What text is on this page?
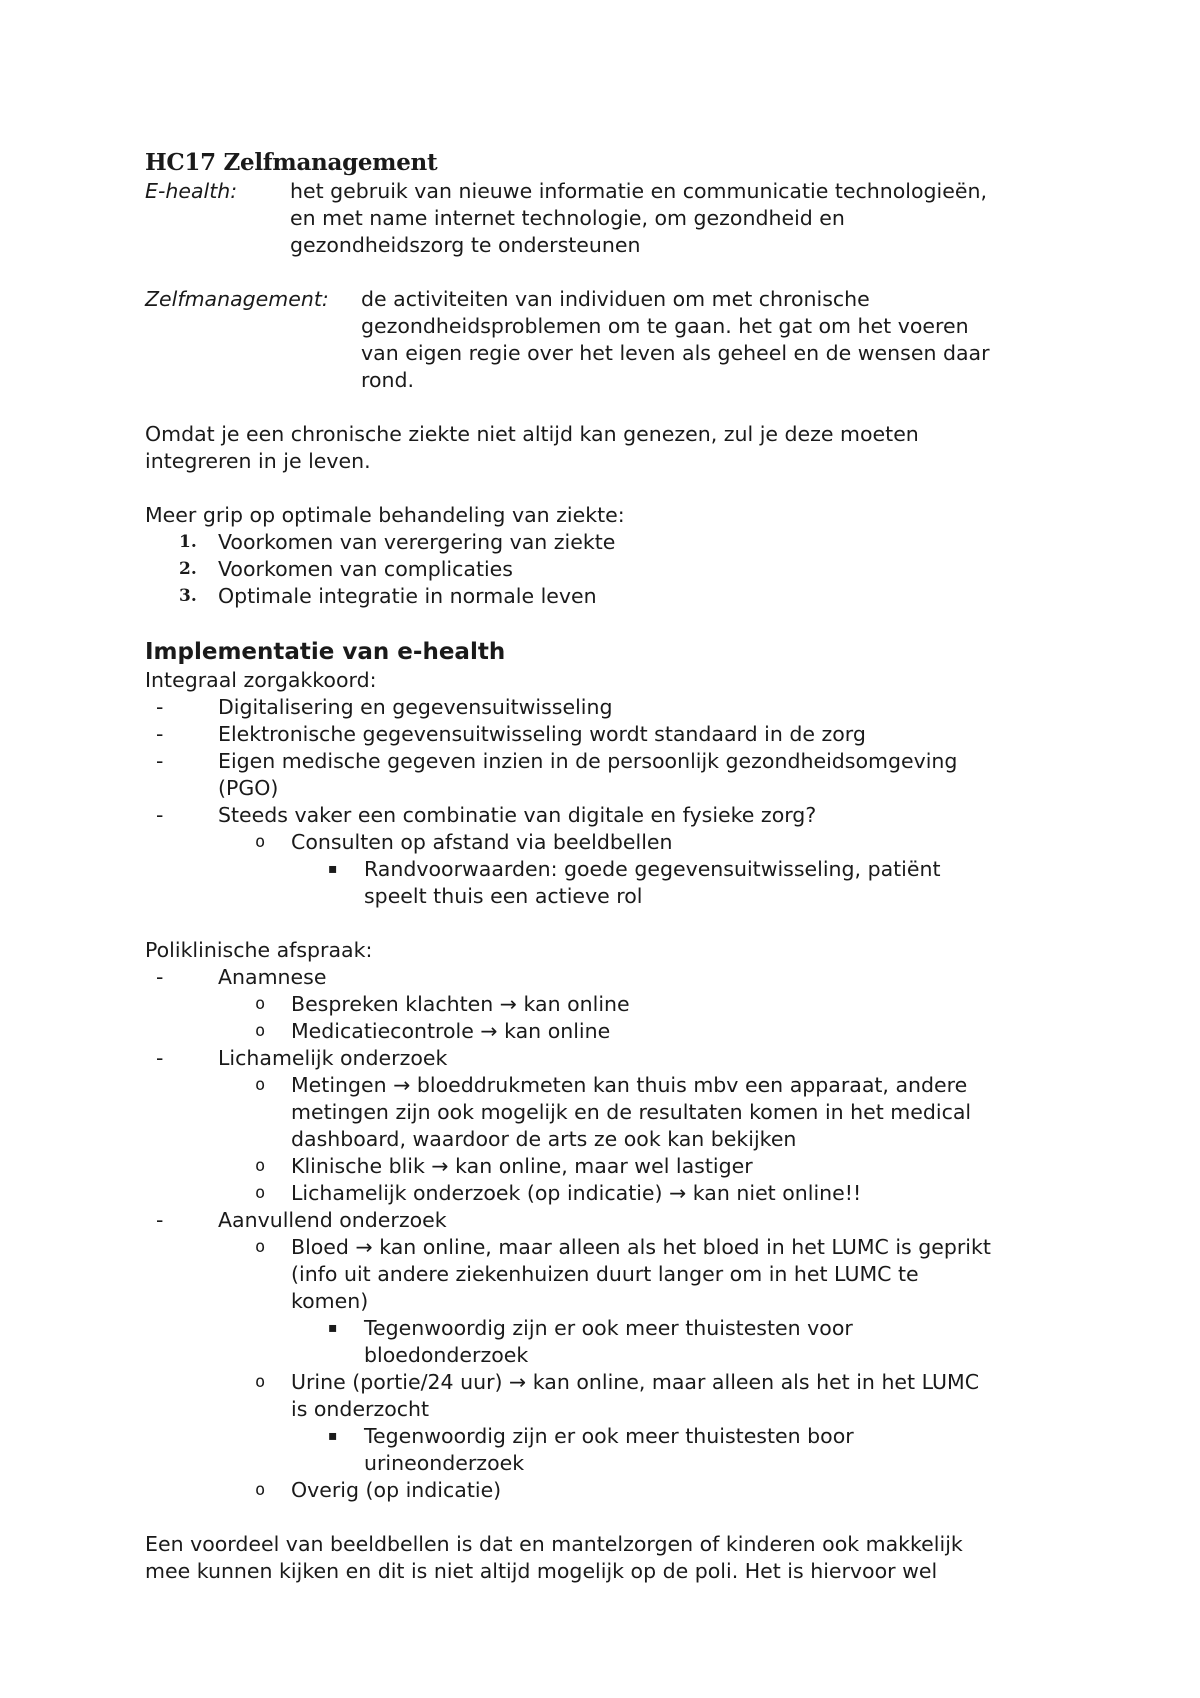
HC17 Zelfmanagement
E-health:	het gebruik van nieuwe informatie en communicatie technologieën,
en met name internet technologie, om gezondheid en
gezondheidszorg te ondersteunen
Zelfmanagement:	de activiteiten van individuen om met chronische
gezondheidsproblemen om te gaan. het gat om het voeren
van eigen regie over het leven als geheel en de wensen daar
rond.
Omdat je een chronische ziekte niet altijd kan genezen, zul je deze moeten
integreren in je leven.
Meer grip op optimale behandeling van ziekte:
1.	Voorkomen van verergering van ziekte
2.	Voorkomen van complicaties
3.	Optimale integratie in normale leven
Implementatie van e-health
Integraal zorgakkoord:
-	Digitalisering en gegevensuitwisseling
-	Elektronische gegevensuitwisseling wordt standaard in de zorg
-	Eigen medische gegeven inzien in de persoonlijk gezondheidsomgeving
(PGO)
-	Steeds vaker een combinatie van digitale en fysieke zorg?
o	Consulten op afstand via beeldbellen
▪	Randvoorwaarden: goede gegevensuitwisseling, patiënt
speelt thuis een actieve rol
Poliklinische afspraak:
-	Anamnese
o	Bespreken klachten → kan online
o	Medicatiecontrole → kan online
-	Lichamelijk onderzoek
o	Metingen → bloeddrukmeten kan thuis mbv een apparaat, andere
metingen zijn ook mogelijk en de resultaten komen in het medical
dashboard, waardoor de arts ze ook kan bekijken
o	Klinische blik → kan online, maar wel lastiger
o	Lichamelijk onderzoek (op indicatie) → kan niet online!!
-	Aanvullend onderzoek
o	Bloed → kan online, maar alleen als het bloed in het LUMC is geprikt
(info uit andere ziekenhuizen duurt langer om in het LUMC te
komen)
▪	Tegenwoordig zijn er ook meer thuistesten voor
bloedonderzoek
o	Urine (portie/24 uur) → kan online, maar alleen als het in het LUMC
is onderzocht
▪	Tegenwoordig zijn er ook meer thuistesten boor
urineonderzoek
o	Overig (op indicatie)
Een voordeel van beeldbellen is dat en mantelzorgen of kinderen ook makkelijk
mee kunnen kijken en dit is niet altijd mogelijk op de poli. Het is hiervoor wel
